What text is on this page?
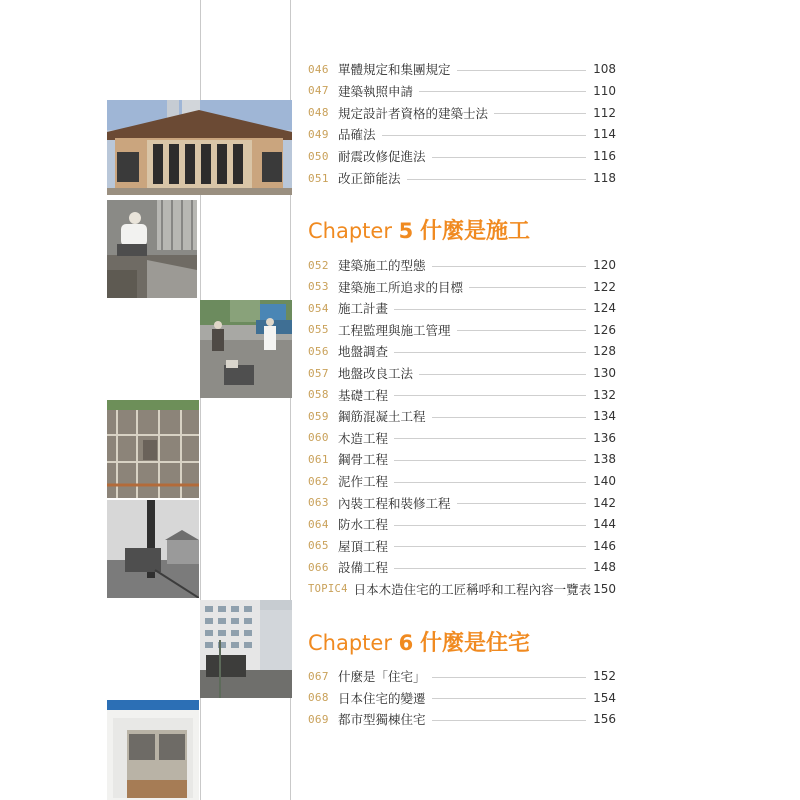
046 單體規定和集團規定	108
047 建築執照申請	110
048 規定設計者資格的建築士法	112
049 品確法	114
050 耐震改修促進法	116
051 改正節能法	118
Chapter 5 什麼是施工
052 建築施工的型態	120
053 建築施工所追求的目標	122
054 施工計畫	124
055 工程監理與施工管理	126
056 地盤調查	128
057 地盤改良工法	130
058 基礎工程	132
059 鋼筋混凝土工程	134
060 木造工程	136
061 鋼骨工程	138
062 泥作工程	140
063 內裝工程和裝修工程	142
064 防水工程	144
065 屋頂工程	146
066 設備工程	148
TOPIC4 日本木造住宅的工匠稱呼和工程內容一覽表 150
Chapter 6 什麼是住宅
067 什麼是「住宅」	152
068 日本住宅的變遷	154
069 都市型獨棟住宅	156
